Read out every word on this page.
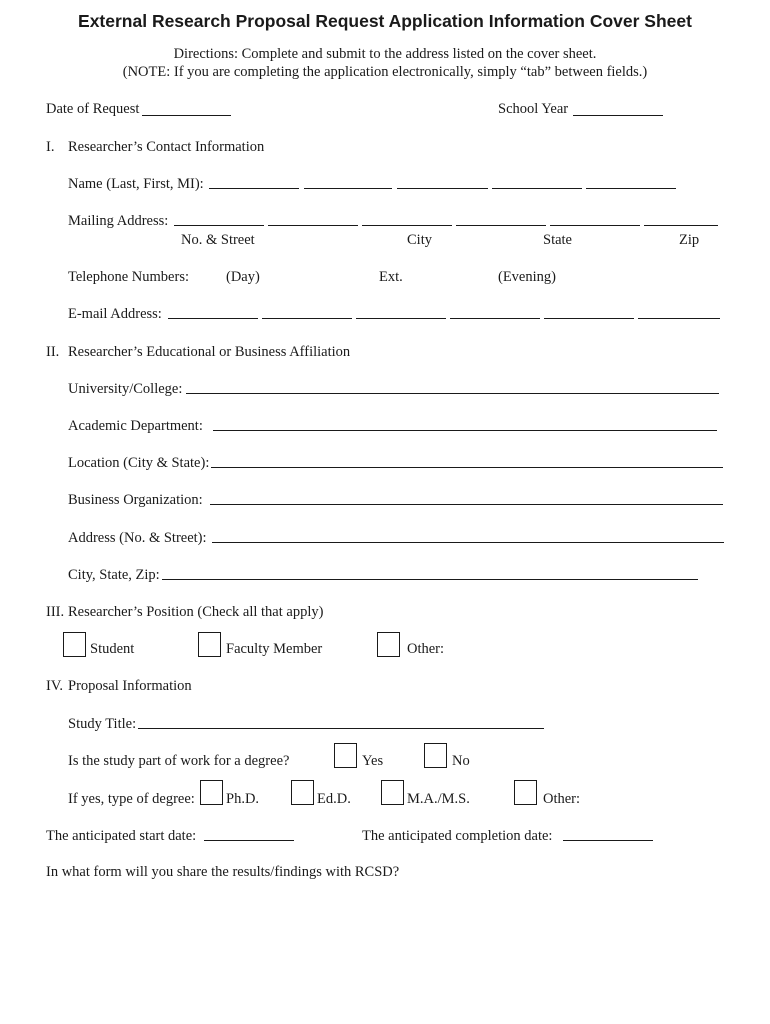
External Research Proposal Request Application Information Cover Sheet
Directions: Complete and submit to the address listed on the cover sheet.
(NOTE: If you are completing the application electronically, simply “tab” between fields.)
Date of Request	School Year
I. Researcher’s Contact Information
Name (Last, First, MI):
Mailing Address:
No. & Street	City	State	Zip
Telephone Numbers:	(Day)	Ext.	(Evening)
E-mail Address:
II. Researcher’s Educational or Business Affiliation
University/College:
Academic Department:
Location (City & State):
Business Organization:
Address (No. & Street):
City, State, Zip:
III. Researcher’s Position (Check all that apply)
Student	Faculty Member	Other:
IV. Proposal Information
Study Title:
Is the study part of work for a degree?	Yes	No
If yes, type of degree: Ph.D.	Ed.D.	M.A./M.S.	Other:
The anticipated start date:	The anticipated completion date:
In what form will you share the results/findings with RCSD?
